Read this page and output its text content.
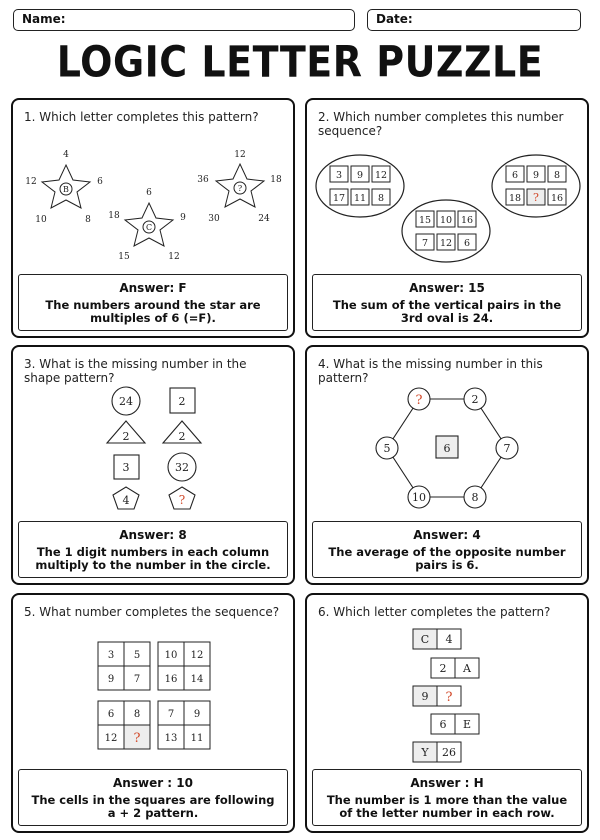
Name:	Date:
LOGIC LETTER PUZZLE
1. Which letter completes this pattern?
B
4
6
8
10
12
C
6
9
12
15
18
?
12
18
24
30
36
Answer: F
The numbers around the star are multiples of 6 (=F).
2. Which number completes this number sequence?
3 9 12
17 11 8
6 9 8
18 ? 16
15 10 16
7 12 6
Answer: 15
The sum of the vertical pairs in the 3rd oval is 24.
3. What is the missing number in the shape pattern?
24
2
3
4
2
2
32
?
Answer: 8
The 1 digit numbers in each column multiply to the number in the circle.
4. What is the missing number in this pattern?
?	2
7
8
10
5	6
Answer: 4
The average of the opposite number pairs is 6.
5. What number completes the sequence?
3 5
9 7
10 12
16 14
6 8
12 ?
7 9
13 11
Answer : 10
The cells in the squares are following a + 2 pattern.
6. Which letter completes the pattern?
C 4
2 A
9 ?
6 E
Y 26
Answer : H
The number is 1 more than the value of the letter number in each row.
